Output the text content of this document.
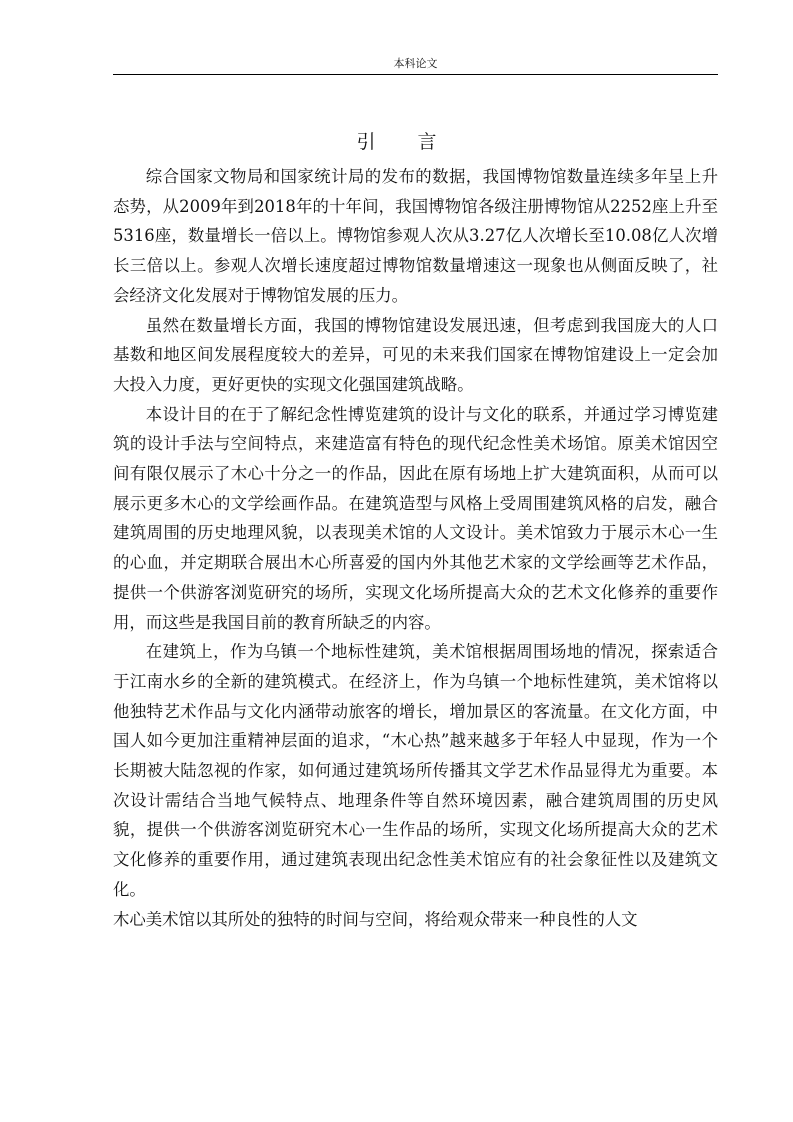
本科论文
引言

综合国家文物局和国家统计局的发布的数据，我国博物馆数量连续多年呈上升态势，从2009年到2018年的十年间，我国博物馆各级注册博物馆从2252座上升至5316座，数量增长一倍以上。博物馆参观人次从3.27亿人次增长至10.08亿人次增长三倍以上。参观人次增长速度超过博物馆数量增速这一现象也从侧面反映了，社会经济文化发展对于博物馆发展的压力。

虽然在数量增长方面，我国的博物馆建设发展迅速，但考虑到我国庞大的人口基数和地区间发展程度较大的差异，可见的未来我们国家在博物馆建设上一定会加大投入力度，更好更快的实现文化强国建筑战略。

本设计目的在于了解纪念性博览建筑的设计与文化的联系，并通过学习博览建筑的设计手法与空间特点，来建造富有特色的现代纪念性美术场馆。原美术馆因空间有限仅展示了木心十分之一的作品，因此在原有场地上扩大建筑面积，从而可以展示更多木心的文学绘画作品。在建筑造型与风格上受周围建筑风格的启发，融合建筑周围的历史地理风貌，以表现美术馆的人文设计。美术馆致力于展示木心一生的心血，并定期联合展出木心所喜爱的国内外其他艺术家的文学绘画等艺术作品，提供一个供游客浏览研究的场所，实现文化场所提高大众的艺术文化修养的重要作用，而这些是我国目前的教育所缺乏的内容。

在建筑上，作为乌镇一个地标性建筑，美术馆根据周围场地的情况，探索适合于江南水乡的全新的建筑模式。在经济上，作为乌镇一个地标性建筑，美术馆将以他独特艺术作品与文化内涵带动旅客的增长，增加景区的客流量。在文化方面，中国人如今更加注重精神层面的追求，“木心热”越来越多于年轻人中显现，作为一个长期被大陆忽视的作家，如何通过建筑场所传播其文学艺术作品显得尤为重要。本次设计需结合当地气候特点、地理条件等自然环境因素，融合建筑周围的历史风貌，提供一个供游客浏览研究木心一生作品的场所，实现文化场所提高大众的艺术文化修养的重要作用，通过建筑表现出纪念性美术馆应有的社会象征性以及建筑文化。

木心美术馆以其所处的独特的时间与空间，将给观众带来一种良性的人文
